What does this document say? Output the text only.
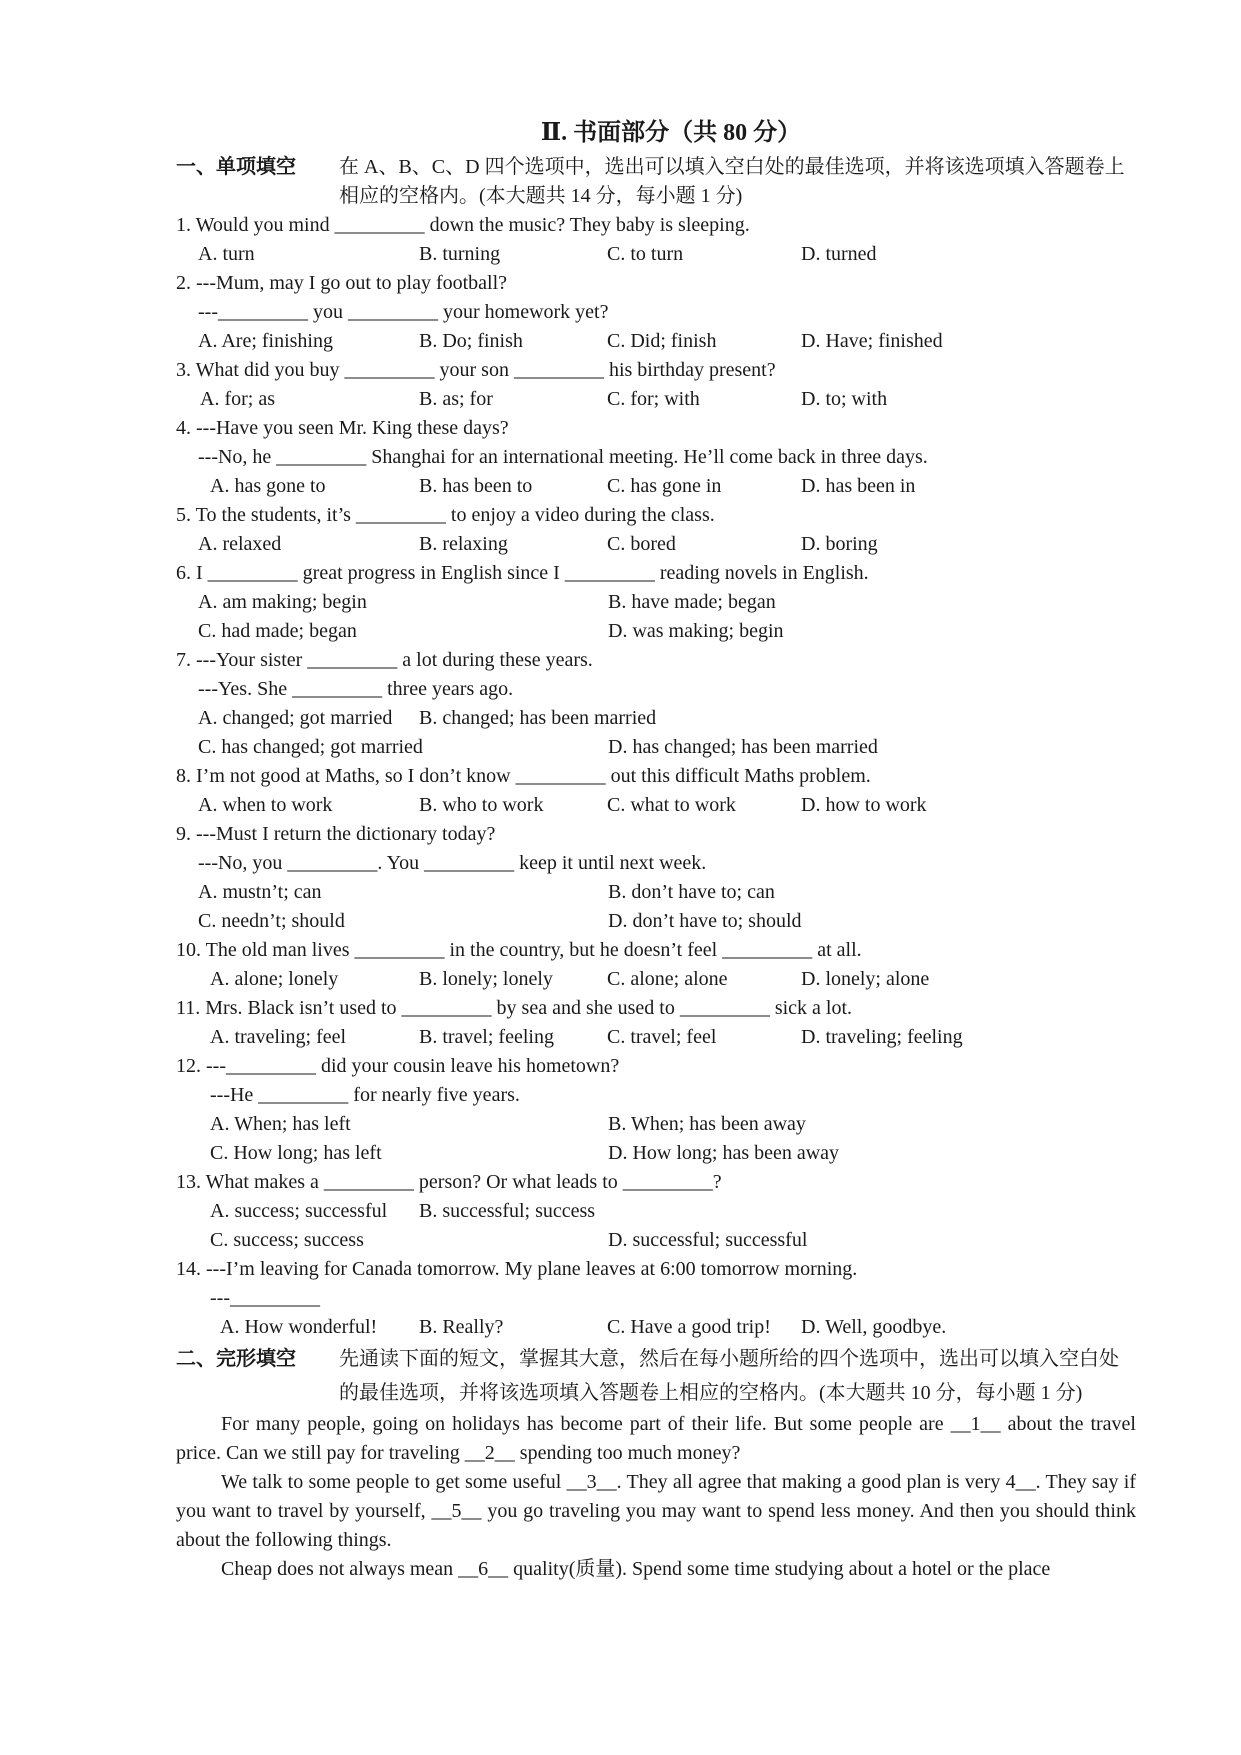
Ⅱ. 书面部分（共 80 分）
一、单项填空	在 A、B、C、D 四个选项中，选出可以填入空白处的最佳选项，并将该选项填入答题卷上相应的空格内。(本大题共 14 分，每小题 1 分)
1. Would you mind _________ down the music? They baby is sleeping.
A. turn	B. turning	C. to turn	D. turned
2. ---Mum, may I go out to play football?
---_________ you _________ your homework yet?
A. Are; finishing	B. Do; finish	C. Did; finish	D. Have; finished
3. What did you buy _________ your son _________ his birthday present?
A. for; as	B. as; for	C. for; with	D. to; with
4. ---Have you seen Mr. King these days?
---No, he _________ Shanghai for an international meeting. He’ll come back in three days.
A. has gone to	B. has been to	C. has gone in	D. has been in
5. To the students, it’s _________ to enjoy a video during the class.
A. relaxed	B. relaxing	C. bored	D. boring
6. I _________ great progress in English since I _________ reading novels in English.
A. am making; begin	B. have made; began
C. had made; began	D. was making; begin
7. ---Your sister _________ a lot during these years.
---Yes. She _________ three years ago.
A. changed; got married	B. changed; has been married
C. has changed; got married	D. has changed; has been married
8. I’m not good at Maths, so I don’t know _________ out this difficult Maths problem.
A. when to work	B. who to work	C. what to work	D. how to work
9. ---Must I return the dictionary today?
---No, you _________. You _________ keep it until next week.
A. mustn’t; can	B. don’t have to; can
C. needn’t; should	D. don’t have to; should
10. The old man lives _________ in the country, but he doesn’t feel _________ at all.
A. alone; lonely	B. lonely; lonely	C. alone; alone	D. lonely; alone
11. Mrs. Black isn’t used to _________ by sea and she used to _________ sick a lot.
A. traveling; feel	B. travel; feeling	C. travel; feel	D. traveling; feeling
12. ---_________ did your cousin leave his hometown?
---He _________ for nearly five years.
A. When; has left	B. When; has been away
C. How long; has left	D. How long; has been away
13. What makes a _________ person? Or what leads to _________?
A. success; successful	B. successful; success
C. success; success	D. successful; successful
14. ---I’m leaving for Canada tomorrow. My plane leaves at 6:00 tomorrow morning.
---_________
A. How wonderful!	B. Really?	C. Have a good trip!	D. Well, goodbye.
二、完形填空	先通读下面的短文，掌握其大意，然后在每小题所给的四个选项中，选出可以填入空白处的最佳选项，并将该选项填入答题卷上相应的空格内。(本大题共 10 分，每小题 1 分)
For many people, going on holidays has become part of their life. But some people are __1__ about the travel price. Can we still pay for traveling __2__ spending too much money?
We talk to some people to get some useful __3__. They all agree that making a good plan is very 4__. They say if you want to travel by yourself, __5__ you go traveling you may want to spend less money. And then you should think about the following things.
Cheap does not always mean __6__ quality(质量). Spend some time studying about a hotel or the place
